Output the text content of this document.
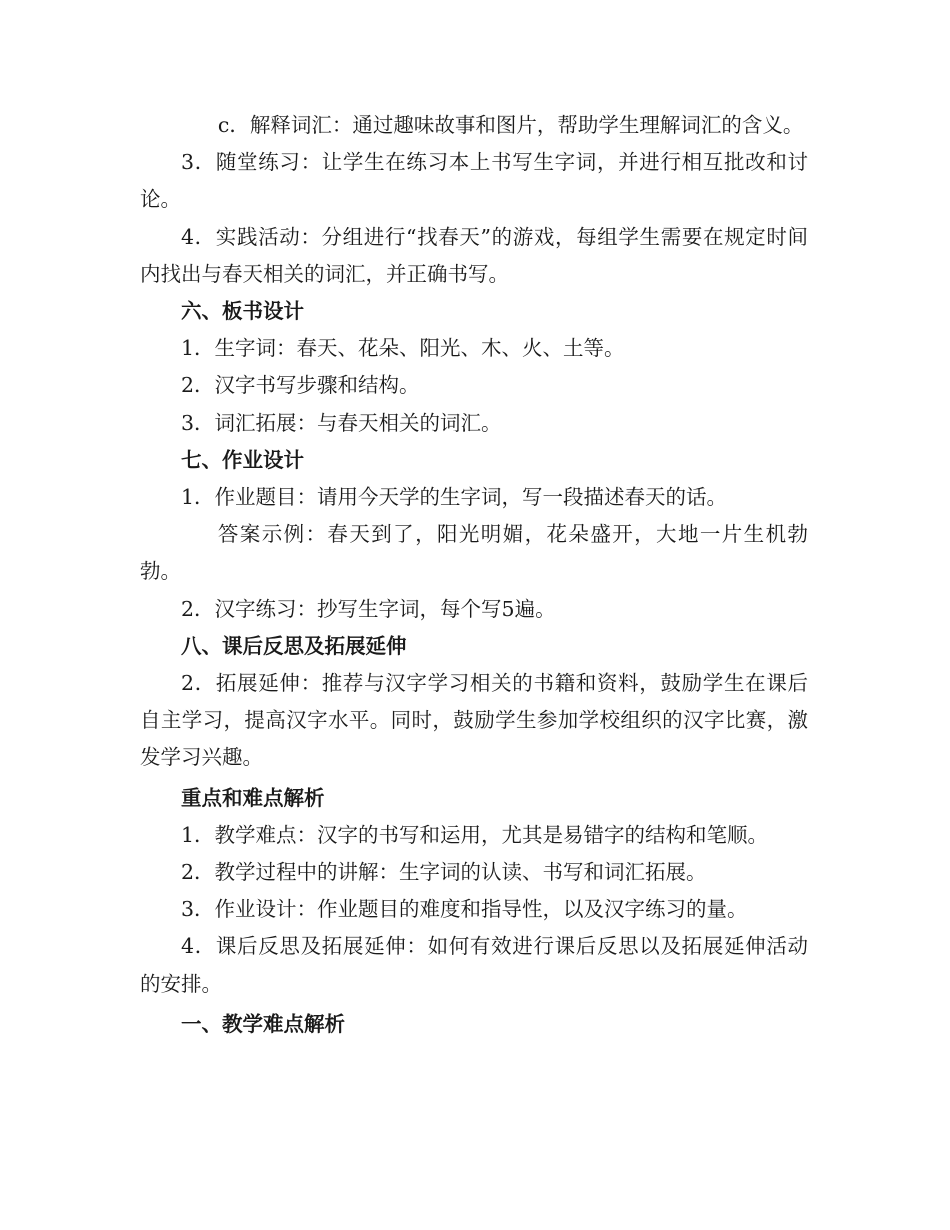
c．解释词汇：通过趣味故事和图片，帮助学生理解词汇的含义。

3．随堂练习：让学生在练习本上书写生字词，并进行相互批改和讨论。

4．实践活动：分组进行“找春天”的游戏，每组学生需要在规定时间内找出与春天相关的词汇，并正确书写。

六、板书设计

1．生字词：春天、花朵、阳光、木、火、土等。

2．汉字书写步骤和结构。

3．词汇拓展：与春天相关的词汇。

七、作业设计

1．作业题目：请用今天学的生字词，写一段描述春天的话。

答案示例：春天到了，阳光明媚，花朵盛开，大地一片生机勃勃。

2．汉字练习：抄写生字词，每个写5遍。

八、课后反思及拓展延伸

2．拓展延伸：推荐与汉字学习相关的书籍和资料，鼓励学生在课后自主学习，提高汉字水平。同时，鼓励学生参加学校组织的汉字比赛，激发学习兴趣。

重点和难点解析

1．教学难点：汉字的书写和运用，尤其是易错字的结构和笔顺。

2．教学过程中的讲解：生字词的认读、书写和词汇拓展。

3．作业设计：作业题目的难度和指导性，以及汉字练习的量。

4．课后反思及拓展延伸：如何有效进行课后反思以及拓展延伸活动的安排。

一、教学难点解析
